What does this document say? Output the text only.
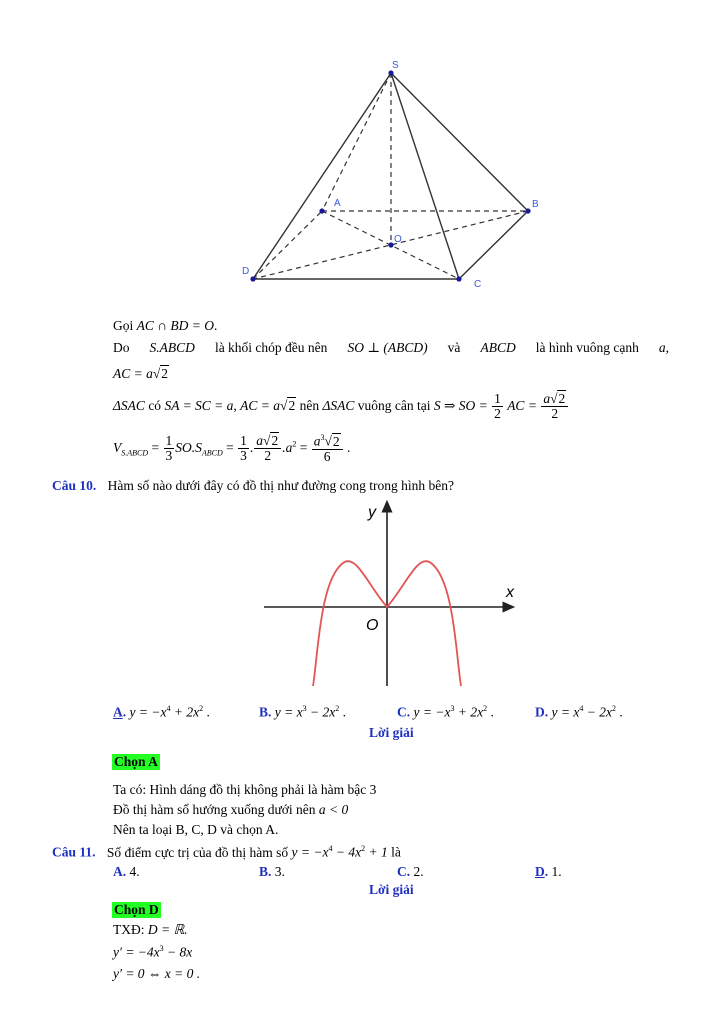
S
A	B
C
D
O
Gọi AC ∩ BD = O.
Do S.ABCD là khối chóp đều nên SO ⊥ (ABCD) và ABCD là hình vuông cạnh a,
AC = a√2
ΔSAC có SA = SC = a, AC = a√2 nên ΔSAC vuông cân tại S ⇒ SO = $\frac{1}{2}$ AC = $\frac{a√2}{2}$
$V_{S.ABCD} = \frac{1}{3} SO.S_{ABCD} = \frac{1}{3}$ . $\frac{a√2}{2} .a^2 = \frac{a^3√2}{6}$ .
Câu 10. Hàm số nào dưới đây có đồ thị như đường cong trong hình bên?
y
x
O
A. $y = -x^4 + 2x^2$ .	B. $y = x^3 - 2x^2$ .	C. $y = -x^3 + 2x^2$ .	D. $y = x^4 - 2x^2$ .
Lời giải
Chọn A
Ta có: Hình dáng đồ thị không phải là hàm bậc 3
Đồ thị hàm số hướng xuống dưới nên a < 0
Nên ta loại B, C, D và chọn A.
Câu 11. Số điểm cực trị của đồ thị hàm số $y = -x^4 - 4x^2 + 1$ là
A. 4.	B. 3.	C. 2.	D. 1.
Lời giải
Chọn D
TXĐ: D = ℝ.
$y' = -4x^3 - 8x$
y′ = 0 ⇔ x = 0 .
